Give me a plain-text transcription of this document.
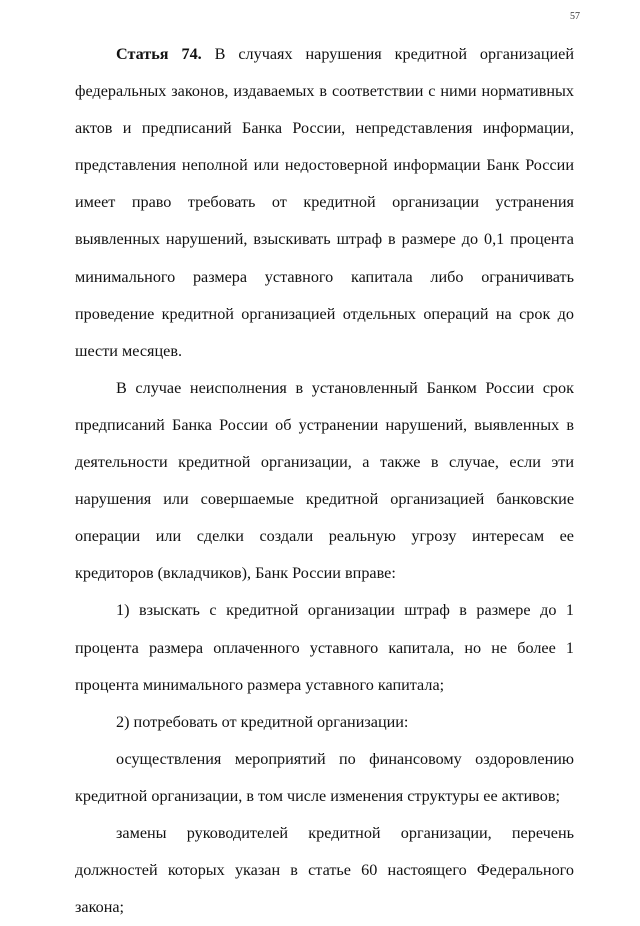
57

Статья 74. В случаях нарушения кредитной организацией федеральных законов, издаваемых в соответствии с ними нормативных актов и предписаний Банка России, непредставления информации, представления неполной или недостоверной информации Банк России имеет право требовать от кредитной организации устранения выявленных нарушений, взыскивать штраф в размере до 0,1 процента минимального размера уставного капитала либо ограничивать проведение кредитной организацией отдельных операций на срок до шести месяцев.

В случае неисполнения в установленный Банком России срок предписаний Банка России об устранении нарушений, выявленных в деятельности кредитной организации, а также в случае, если эти нарушения или совершаемые кредитной организацией банковские операции или сделки создали реальную угрозу интересам ее кредиторов (вкладчиков), Банк России вправе:

1) взыскать с кредитной организации штраф в размере до 1 процента размера оплаченного уставного капитала, но не более 1 процента минимального размера уставного капитала;

2) потребовать от кредитной организации:

осуществления мероприятий по финансовому оздоровлению кредитной организации, в том числе изменения структуры ее активов;

замены руководителей кредитной организации, перечень должностей которых указан в статье 60 настоящего Федерального закона;
